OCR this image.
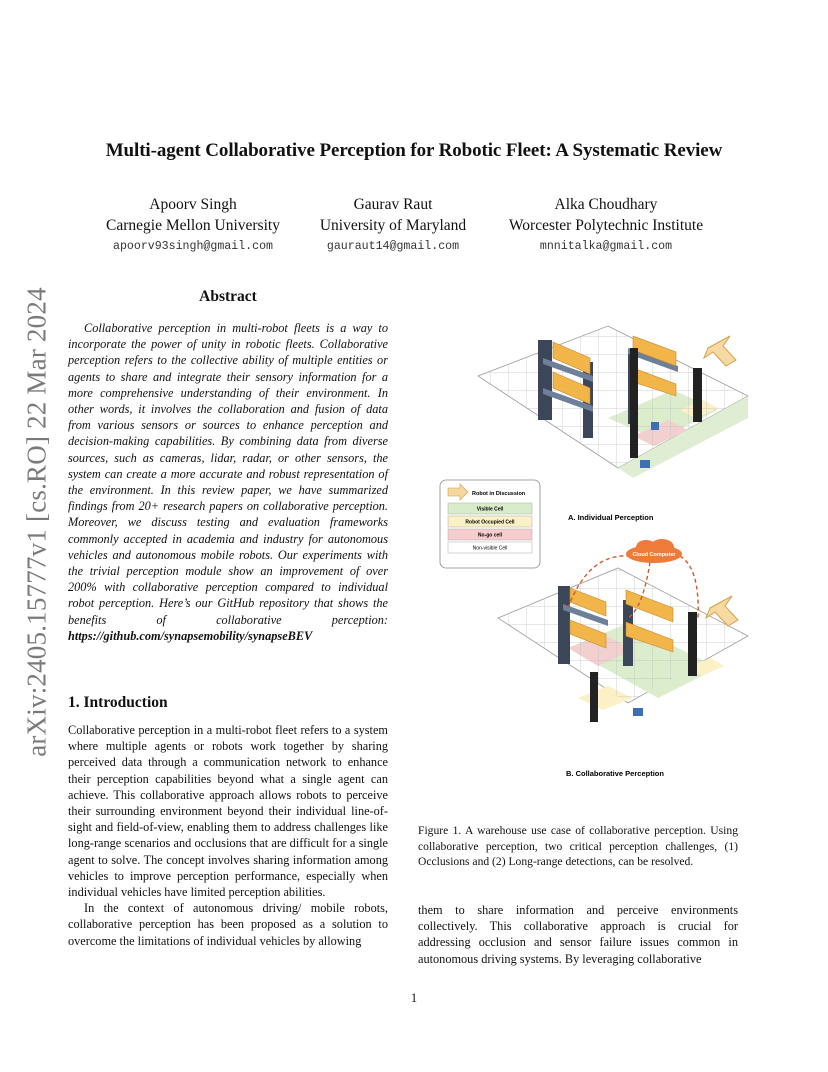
arXiv:2405.15777v1 [cs.RO] 22 Mar 2024
Multi-agent Collaborative Perception for Robotic Fleet: A Systematic Review
Apoorv Singh
Carnegie Mellon University
apoorv93singh@gmail.com
Gaurav Raut
University of Maryland
gauraut14@gmail.com
Alka Choudhary
Worcester Polytechnic Institute
mnnitalka@gmail.com
Abstract

Collaborative perception in multi-robot fleets is a way to incorporate the power of unity in robotic fleets. Collaborative perception refers to the collective ability of multiple entities or agents to share and integrate their sensory information for a more comprehensive understanding of their environment. In other words, it involves the collaboration and fusion of data from various sensors or sources to enhance perception and decision-making capabilities. By combining data from diverse sources, such as cameras, lidar, radar, or other sensors, the system can create a more accurate and robust representation of the environment. In this review paper, we have summarized findings from 20+ research papers on collaborative perception. Moreover, we discuss testing and evaluation frameworks commonly accepted in academia and industry for autonomous vehicles and autonomous mobile robots. Our experiments with the trivial perception module show an improvement of over 200% with collaborative perception compared to individual robot perception. Here’s our GitHub repository that shows the benefits of collaborative perception: https://github.com/synapsemobility/synapseBEV

1. Introduction

Collaborative perception in a multi-robot fleet refers to a system where multiple agents or robots work together by sharing perceived data through a communication network to enhance their perception capabilities beyond what a single agent can achieve. This collaborative approach allows robots to perceive their surrounding environment beyond their individual line-of-sight and field-of-view, enabling them to address challenges like long-range scenarios and occlusions that are difficult for a single agent to solve. The concept involves sharing information among vehicles to improve perception performance, especially when individual vehicles have limited perception abilities.

In the context of autonomous driving/ mobile robots, collaborative perception has been proposed as a solution to overcome the limitations of individual vehicles by allowing

A. Individual Perception
Robot in Discussion
Visible Cell
Robot Occupied Cell
No-go cell
Non-visible Cell
Cloud Computer
B. Collaborative Perception
Figure 1. A warehouse use case of collaborative perception. Using collaborative perception, two critical perception challenges, (1) Occlusions and (2) Long-range detections, can be resolved.

them to share information and perceive environments collectively. This collaborative approach is crucial for addressing occlusion and sensor failure issues common in autonomous driving systems. By leveraging collaborative

1
